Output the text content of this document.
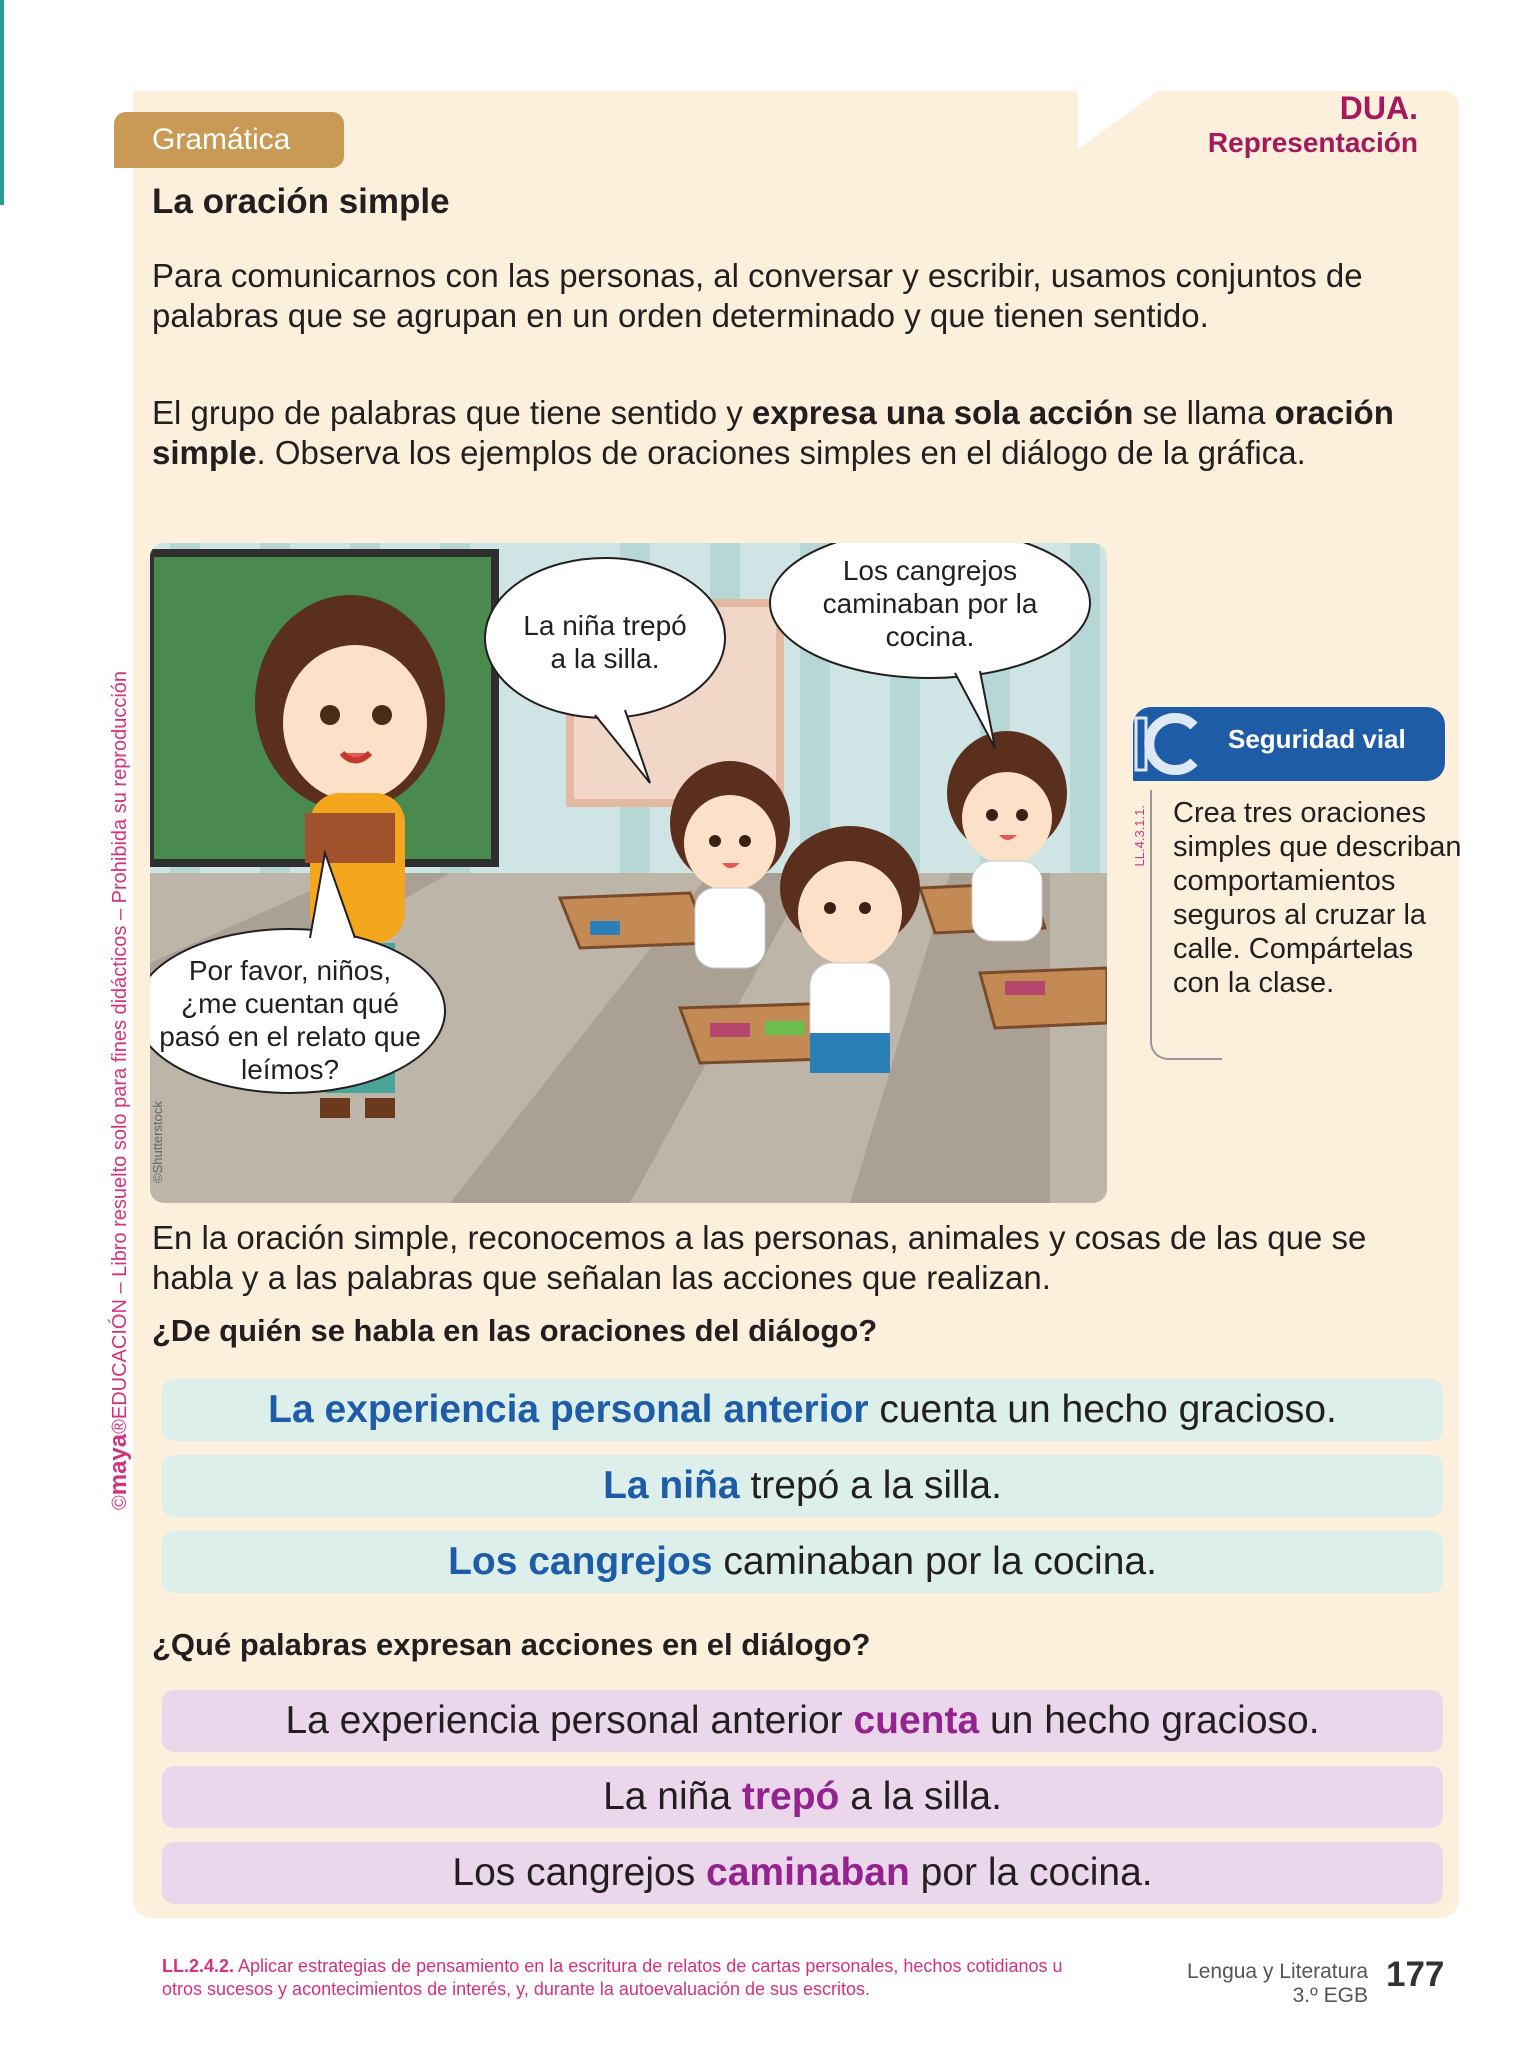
Gramática
DUA.
Representación
La oración simple
Para comunicarnos con las personas, al conversar y escribir, usamos conjuntos de palabras que se agrupan en un orden determinado y que tienen sentido.
El grupo de palabras que tiene sentido y expresa una sola acción se llama oración simple. Observa los ejemplos de oraciones simples en el diálogo de la gráfica.
Por favor, niños,
¿me cuentan qué
pasó en el relato que
leímos?
La niña trepó
a la silla.
Los cangrejos
caminaban por la
cocina.
©Shutterstock
Seguridad vial
LL.4.3.1.1. Crea tres oraciones simples que describan comportamientos seguros al cruzar la calle. Compártelas con la clase.
En la oración simple, reconocemos a las personas, animales y cosas de las que se habla y a las palabras que señalan las acciones que realizan.
¿De quién se habla en las oraciones del diálogo?
La experiencia personal anterior cuenta un hecho gracioso.
La niña trepó a la silla.
Los cangrejos caminaban por la cocina.
¿Qué palabras expresan acciones en el diálogo?
La experiencia personal anterior cuenta un hecho gracioso.
La niña trepó a la silla.
Los cangrejos caminaban por la cocina.
©maya®EDUCACIÓN – Libro resuelto solo para fines didácticos – Prohibida su reproducción
LL.2.4.2. Aplicar estrategias de pensamiento en la escritura de relatos de cartas personales, hechos cotidianos u otros sucesos y acontecimientos de interés, y, durante la autoevaluación de sus escritos.
Lengua y Literatura
3.º EGB
177
